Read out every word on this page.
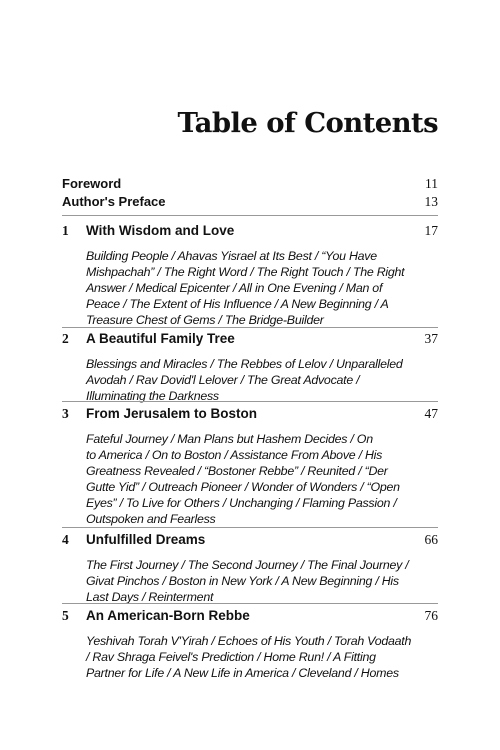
Table of Contents
Foreword	11
Author's Preface	13
1 With Wisdom and Love	17
Building People / Ahavas Yisrael at Its Best / “You Have
Mishpachah” / The Right Word / The Right Touch / The Right
Answer / Medical Epicenter / All in One Evening / Man of
Peace / The Extent of His Influence / A New Beginning / A
Treasure Chest of Gems / The Bridge-Builder
2 A Beautiful Family Tree	37
Blessings and Miracles / The Rebbes of Lelov / Unparalleled
Avodah / Rav Dovid'l Lelover / The Great Advocate /
Illuminating the Darkness
3 From Jerusalem to Boston	47
Fateful Journey / Man Plans but Hashem Decides / On
to America / On to Boston / Assistance From Above / His
Greatness Revealed / “Bostoner Rebbe” / Reunited / “Der
Gutte Yid” / Outreach Pioneer / Wonder of Wonders / “Open
Eyes” / To Live for Others / Unchanging / Flaming Passion /
Outspoken and Fearless
4 Unfulfilled Dreams	66
The First Journey / The Second Journey / The Final Journey /
Givat Pinchos / Boston in New York / A New Beginning / His
Last Days / Reinterment
5 An American-Born Rebbe	76
Yeshivah Torah V'Yirah / Echoes of His Youth / Torah Vodaath
/ Rav Shraga Feivel's Prediction / Home Run! / A Fitting
Partner for Life / A New Life in America / Cleveland / Homes
